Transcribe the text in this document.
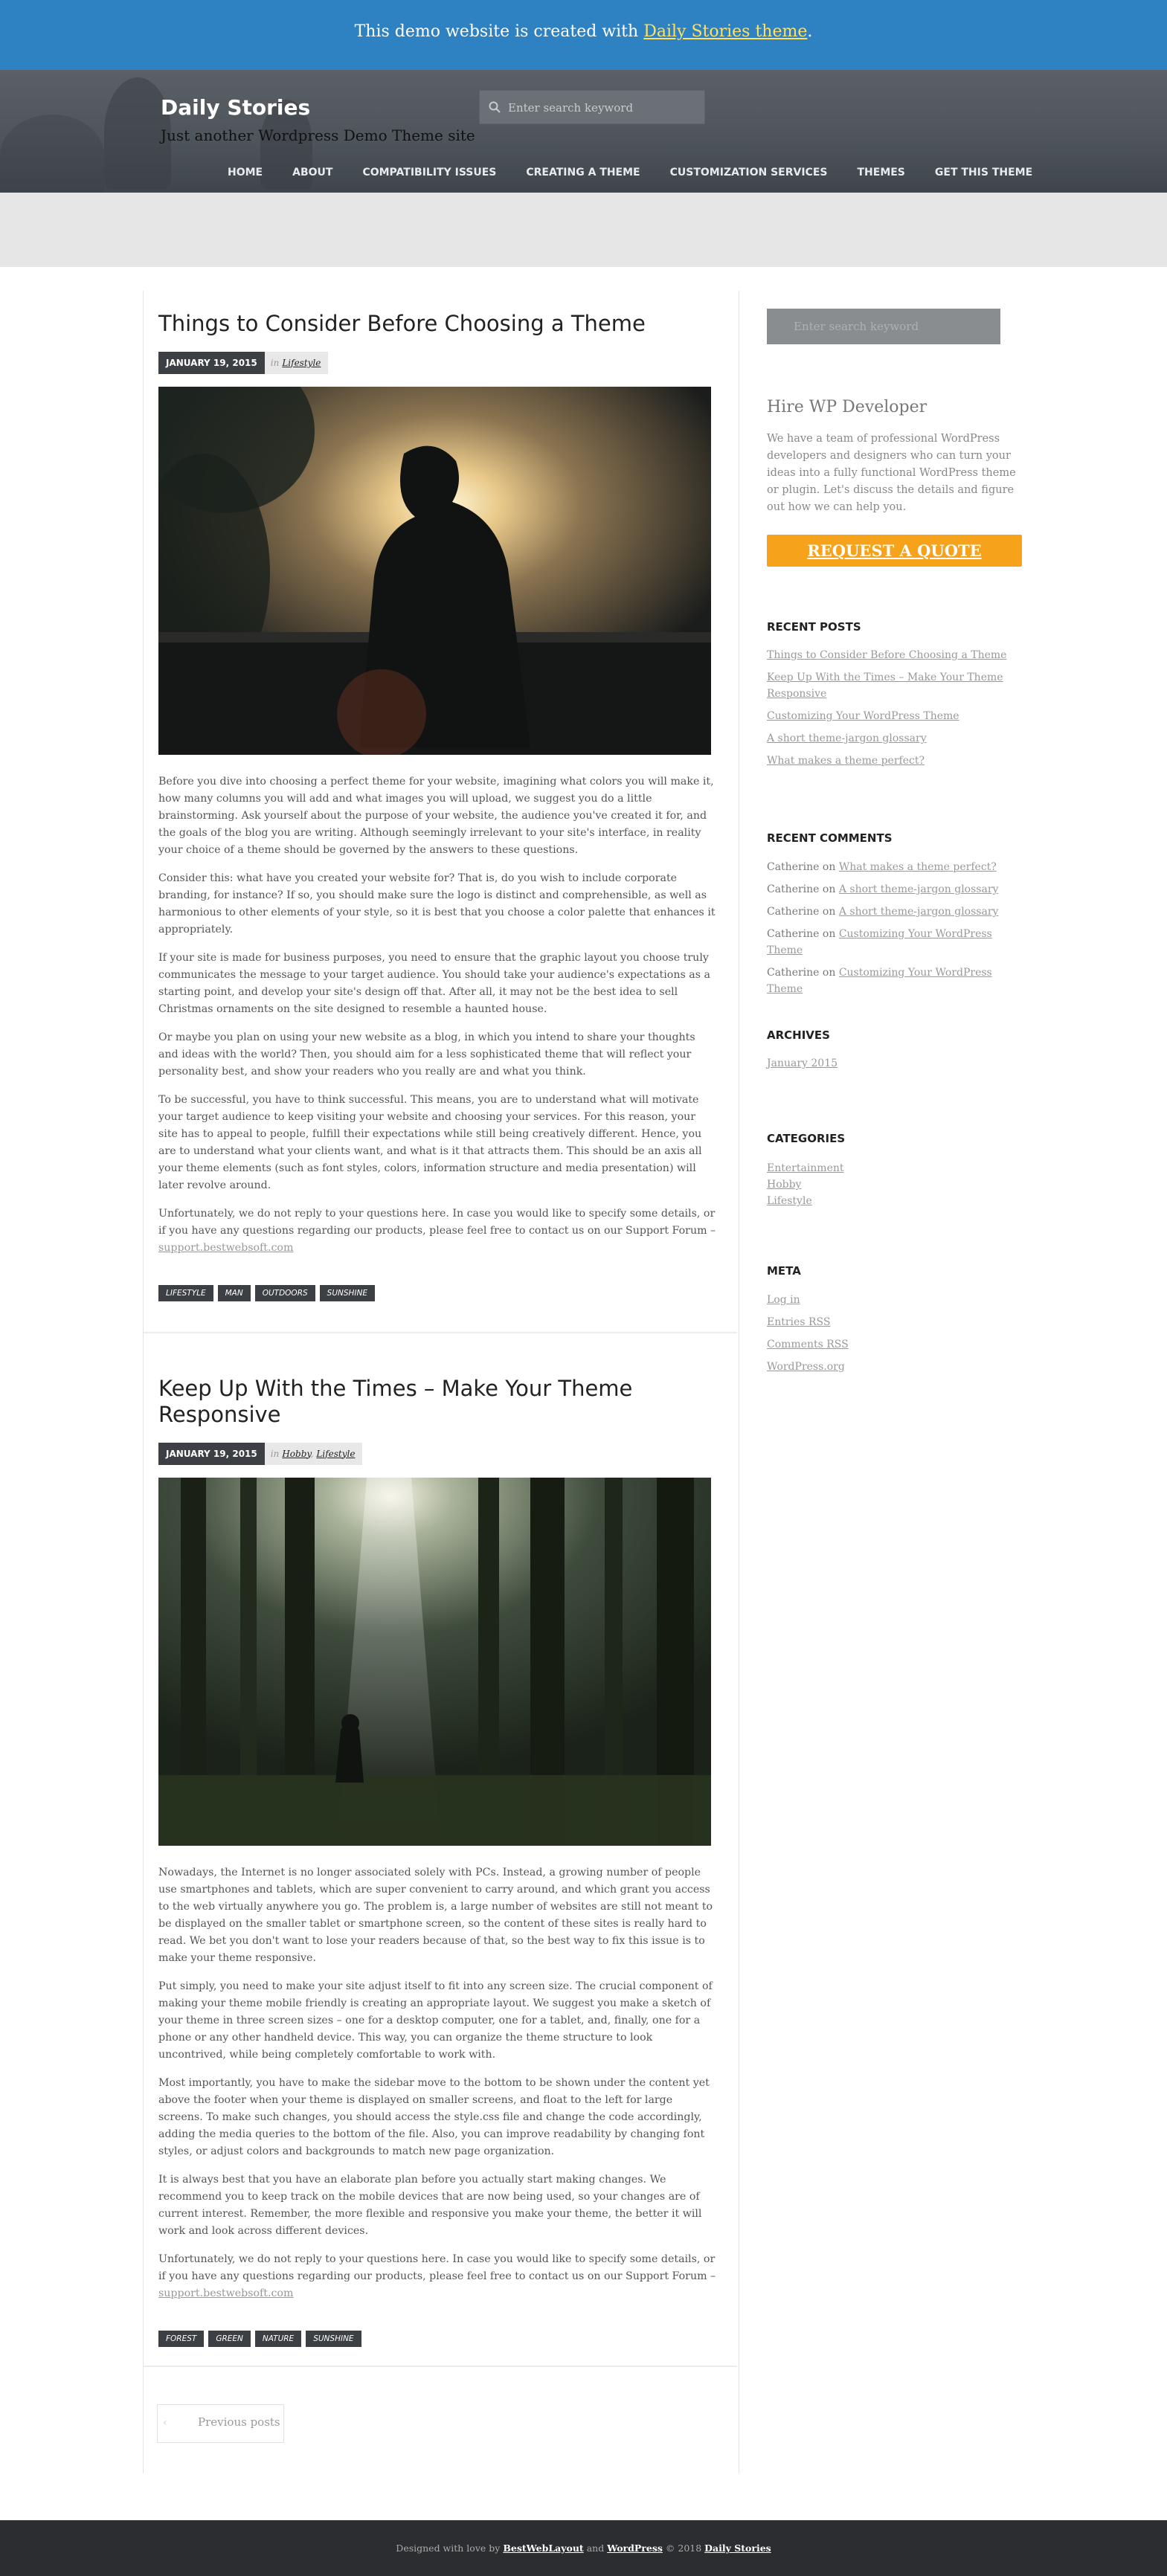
This demo website is created with Daily Stories theme.
Daily Stories
Just another Wordpress Demo Theme site
Enter search keyword
HOME	ABOUT	COMPATIBILITY ISSUES	CREATING A THEME	CUSTOMIZATION SERVICES	THEMES	GET THIS THEME
Things to Consider Before Choosing a Theme
JANUARY 19, 2015	in Lifestyle

Before you dive into choosing a perfect theme for your website, imagining what colors you will make it, how many columns you will add and what images you will upload, we suggest you do a little brainstorming. Ask yourself about the purpose of your website, the audience you've created it for, and the goals of the blog you are writing. Although seemingly irrelevant to your site's interface, in reality your choice of a theme should be governed by the answers to these questions.

Consider this: what have you created your website for? That is, do you wish to include corporate branding, for instance? If so, you should make sure the logo is distinct and comprehensible, as well as harmonious to other elements of your style, so it is best that you choose a color palette that enhances it appropriately.

If your site is made for business purposes, you need to ensure that the graphic layout you choose truly communicates the message to your target audience. You should take your audience's expectations as a starting point, and develop your site's design off that. After all, it may not be the best idea to sell Christmas ornaments on the site designed to resemble a haunted house.

Or maybe you plan on using your new website as a blog, in which you intend to share your thoughts and ideas with the world? Then, you should aim for a less sophisticated theme that will reflect your personality best, and show your readers who you really are and what you think.

To be successful, you have to think successful. This means, you are to understand what will motivate your target audience to keep visiting your website and choosing your services. For this reason, your site has to appeal to people, fulfill their expectations while still being creatively different. Hence, you are to understand what your clients want, and what is it that attracts them. This should be an axis all your theme elements (such as font styles, colors, information structure and media presentation) will later revolve around.

Unfortunately, we do not reply to your questions here. In case you would like to specify some details, or if you have any questions regarding our products, please feel free to contact us on our Support Forum – support.bestwebsoft.com

LIFESTYLE	MAN	OUTDOORS	SUNSHINE
Keep Up With the Times – Make Your Theme Responsive
JANUARY 19, 2015	in Hobby, Lifestyle

Nowadays, the Internet is no longer associated solely with PCs. Instead, a growing number of people use smartphones and tablets, which are super convenient to carry around, and which grant you access to the web virtually anywhere you go. The problem is, a large number of websites are still not meant to be displayed on the smaller tablet or smartphone screen, so the content of these sites is really hard to read. We bet you don't want to lose your readers because of that, so the best way to fix this issue is to make your theme responsive.

Put simply, you need to make your site adjust itself to fit into any screen size. The crucial component of making your theme mobile friendly is creating an appropriate layout. We suggest you make a sketch of your theme in three screen sizes – one for a desktop computer, one for a tablet, and, finally, one for a phone or any other handheld device. This way, you can organize the theme structure to look uncontrived, while being completely comfortable to work with.

Most importantly, you have to make the sidebar move to the bottom to be shown under the content yet above the footer when your theme is displayed on smaller screens, and float to the left for large screens. To make such changes, you should access the style.css file and change the code accordingly, adding the media queries to the bottom of the file. Also, you can improve readability by changing font styles, or adjust colors and backgrounds to match new page organization.

It is always best that you have an elaborate plan before you actually start making changes. We recommend you to keep track on the mobile devices that are now being used, so your changes are of current interest. Remember, the more flexible and responsive you make your theme, the better it will work and look across different devices.

Unfortunately, we do not reply to your questions here. In case you would like to specify some details, or if you have any questions regarding our products, please feel free to contact us on our Support Forum – support.bestwebsoft.com

FOREST	GREEN	NATURE	SUNSHINE
‹	Previous posts
Enter search keyword
Hire WP Developer
We have a team of professional WordPress developers and designers who can turn your ideas into a fully functional WordPress theme or plugin. Let's discuss the details and figure out how we can help you.
REQUEST A QUOTE
RECENT POSTS
Things to Consider Before Choosing a Theme
Keep Up With the Times – Make Your Theme Responsive
Customizing Your WordPress Theme
A short theme-jargon glossary
What makes a theme perfect?
RECENT COMMENTS
Catherine on What makes a theme perfect?
Catherine on A short theme-jargon glossary
Catherine on A short theme-jargon glossary
Catherine on Customizing Your WordPress Theme
Catherine on Customizing Your WordPress Theme
ARCHIVES
January 2015
CATEGORIES
Entertainment
Hobby
Lifestyle
META
Log in
Entries RSS
Comments RSS
WordPress.org
Designed with love by BestWebLayout and WordPress © 2018 Daily Stories
